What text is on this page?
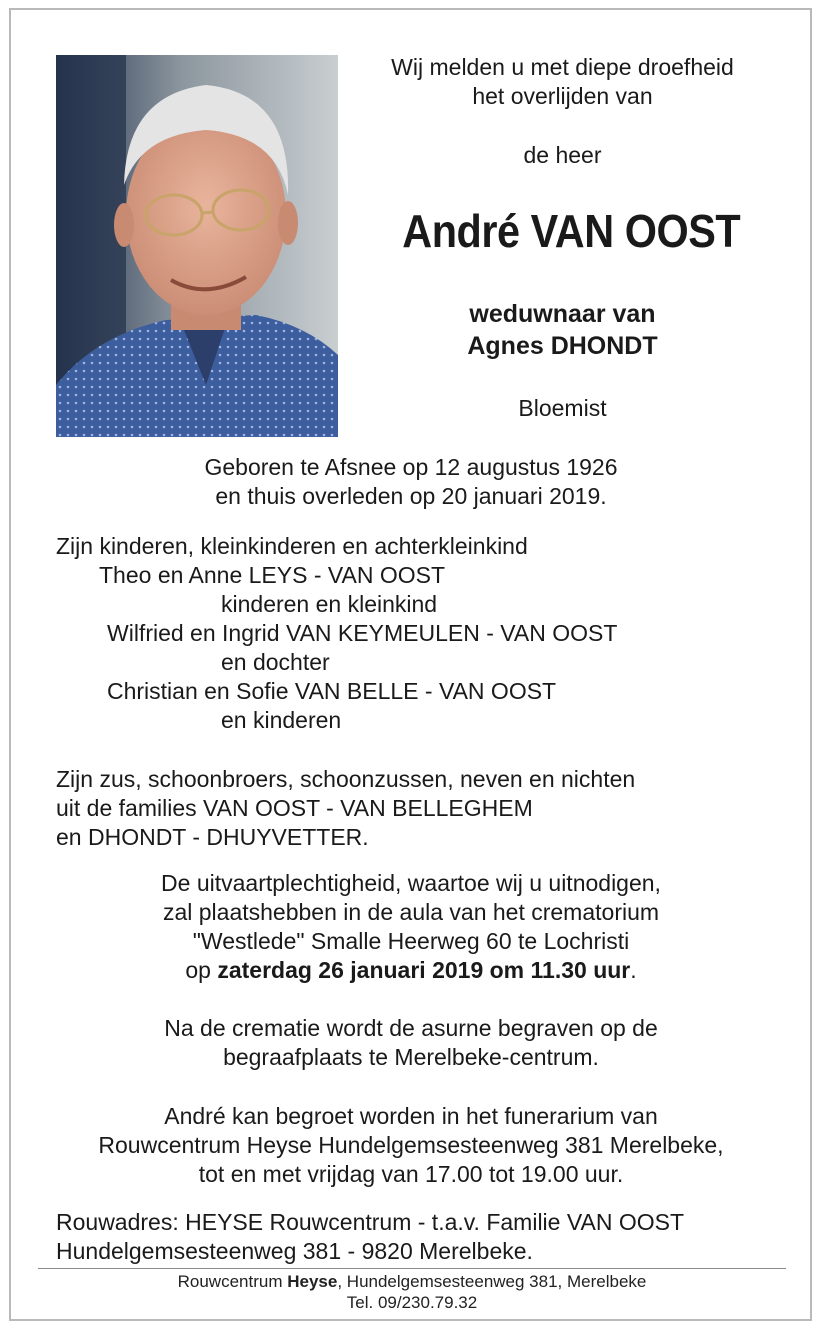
Wij melden u met diepe droefheid
het overlijden van
de heer
André VAN OOST
weduwnaar van
Agnes DHONDT
Bloemist
Geboren te Afsnee op 12 augustus 1926
en thuis overleden op 20 januari 2019.
Zijn kinderen, kleinkinderen en achterkleinkind
Theo en Anne LEYS - VAN OOST
kinderen en kleinkind
Wilfried en Ingrid VAN KEYMEULEN - VAN OOST
en dochter
Christian en Sofie VAN BELLE - VAN OOST
en kinderen
Zijn zus, schoonbroers, schoonzussen, neven en nichten
uit de families VAN OOST - VAN BELLEGHEM
en DHONDT - DHUYVETTER.
De uitvaartplechtigheid, waartoe wij u uitnodigen,
zal plaatshebben in de aula van het crematorium
"Westlede" Smalle Heerweg 60 te Lochristi
op zaterdag 26 januari 2019 om 11.30 uur.
Na de crematie wordt de asurne begraven op de
begraafplaats te Merelbeke-centrum.
André kan begroet worden in het funerarium van
Rouwcentrum Heyse Hundelgemsesteenweg 381 Merelbeke,
tot en met vrijdag van 17.00 tot 19.00 uur.
Rouwadres: HEYSE Rouwcentrum - t.a.v. Familie VAN OOST
Hundelgemsesteenweg 381 - 9820 Merelbeke.
Rouwcentrum Heyse, Hundelgemsesteenweg 381, Merelbeke
Tel. 09/230.79.32
